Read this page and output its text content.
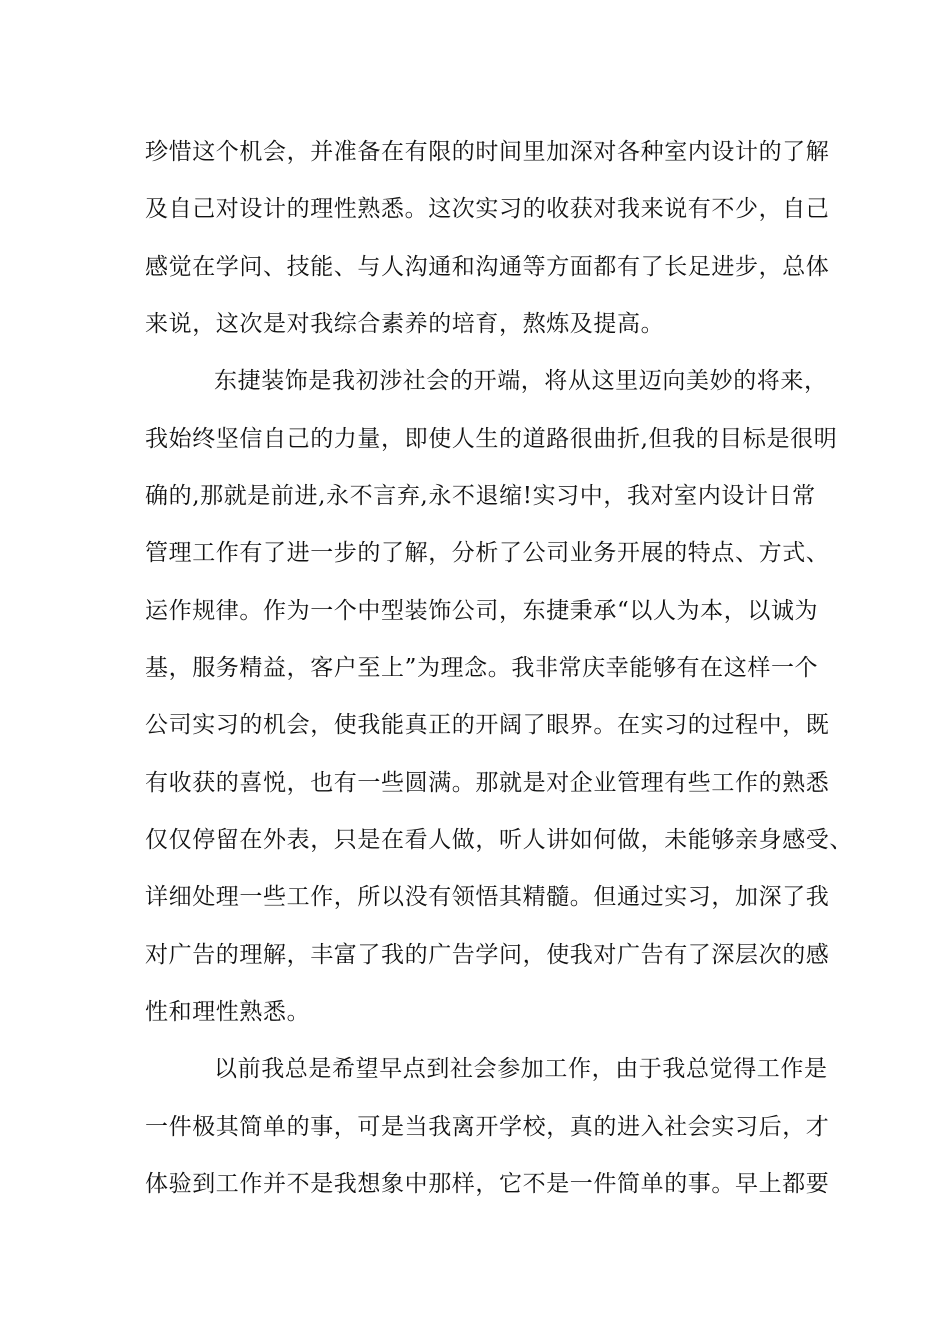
珍惜这个机会，并准备在有限的时间里加深对各种室内设计的了解
及自己对设计的理性熟悉。这次实习的收获对我来说有不少，自己
感觉在学问、技能、与人沟通和沟通等方面都有了长足进步，总体
来说，这次是对我综合素养的培育，熬炼及提高。
东捷装饰是我初涉社会的开端，将从这里迈向美妙的将来，
我始终坚信自己的力量，即使人生的道路很曲折,但我的目标是很明
确的,那就是前进,永不言弃,永不退缩!实习中，我对室内设计日常
管理工作有了进一步的了解，分析了公司业务开展的特点、方式、
运作规律。作为一个中型装饰公司，东捷秉承“以人为本，以诚为
基，服务精益，客户至上”为理念。我非常庆幸能够有在这样一个
公司实习的机会，使我能真正的开阔了眼界。在实习的过程中，既
有收获的喜悦，也有一些圆满。那就是对企业管理有些工作的熟悉
仅仅停留在外表，只是在看人做，听人讲如何做，未能够亲身感受、
详细处理一些工作，所以没有领悟其精髓。但通过实习，加深了我
对广告的理解，丰富了我的广告学问，使我对广告有了深层次的感
性和理性熟悉。
以前我总是希望早点到社会参加工作，由于我总觉得工作是
一件极其简单的事，可是当我离开学校，真的进入社会实习后，才
体验到工作并不是我想象中那样，它不是一件简单的事。早上都要
